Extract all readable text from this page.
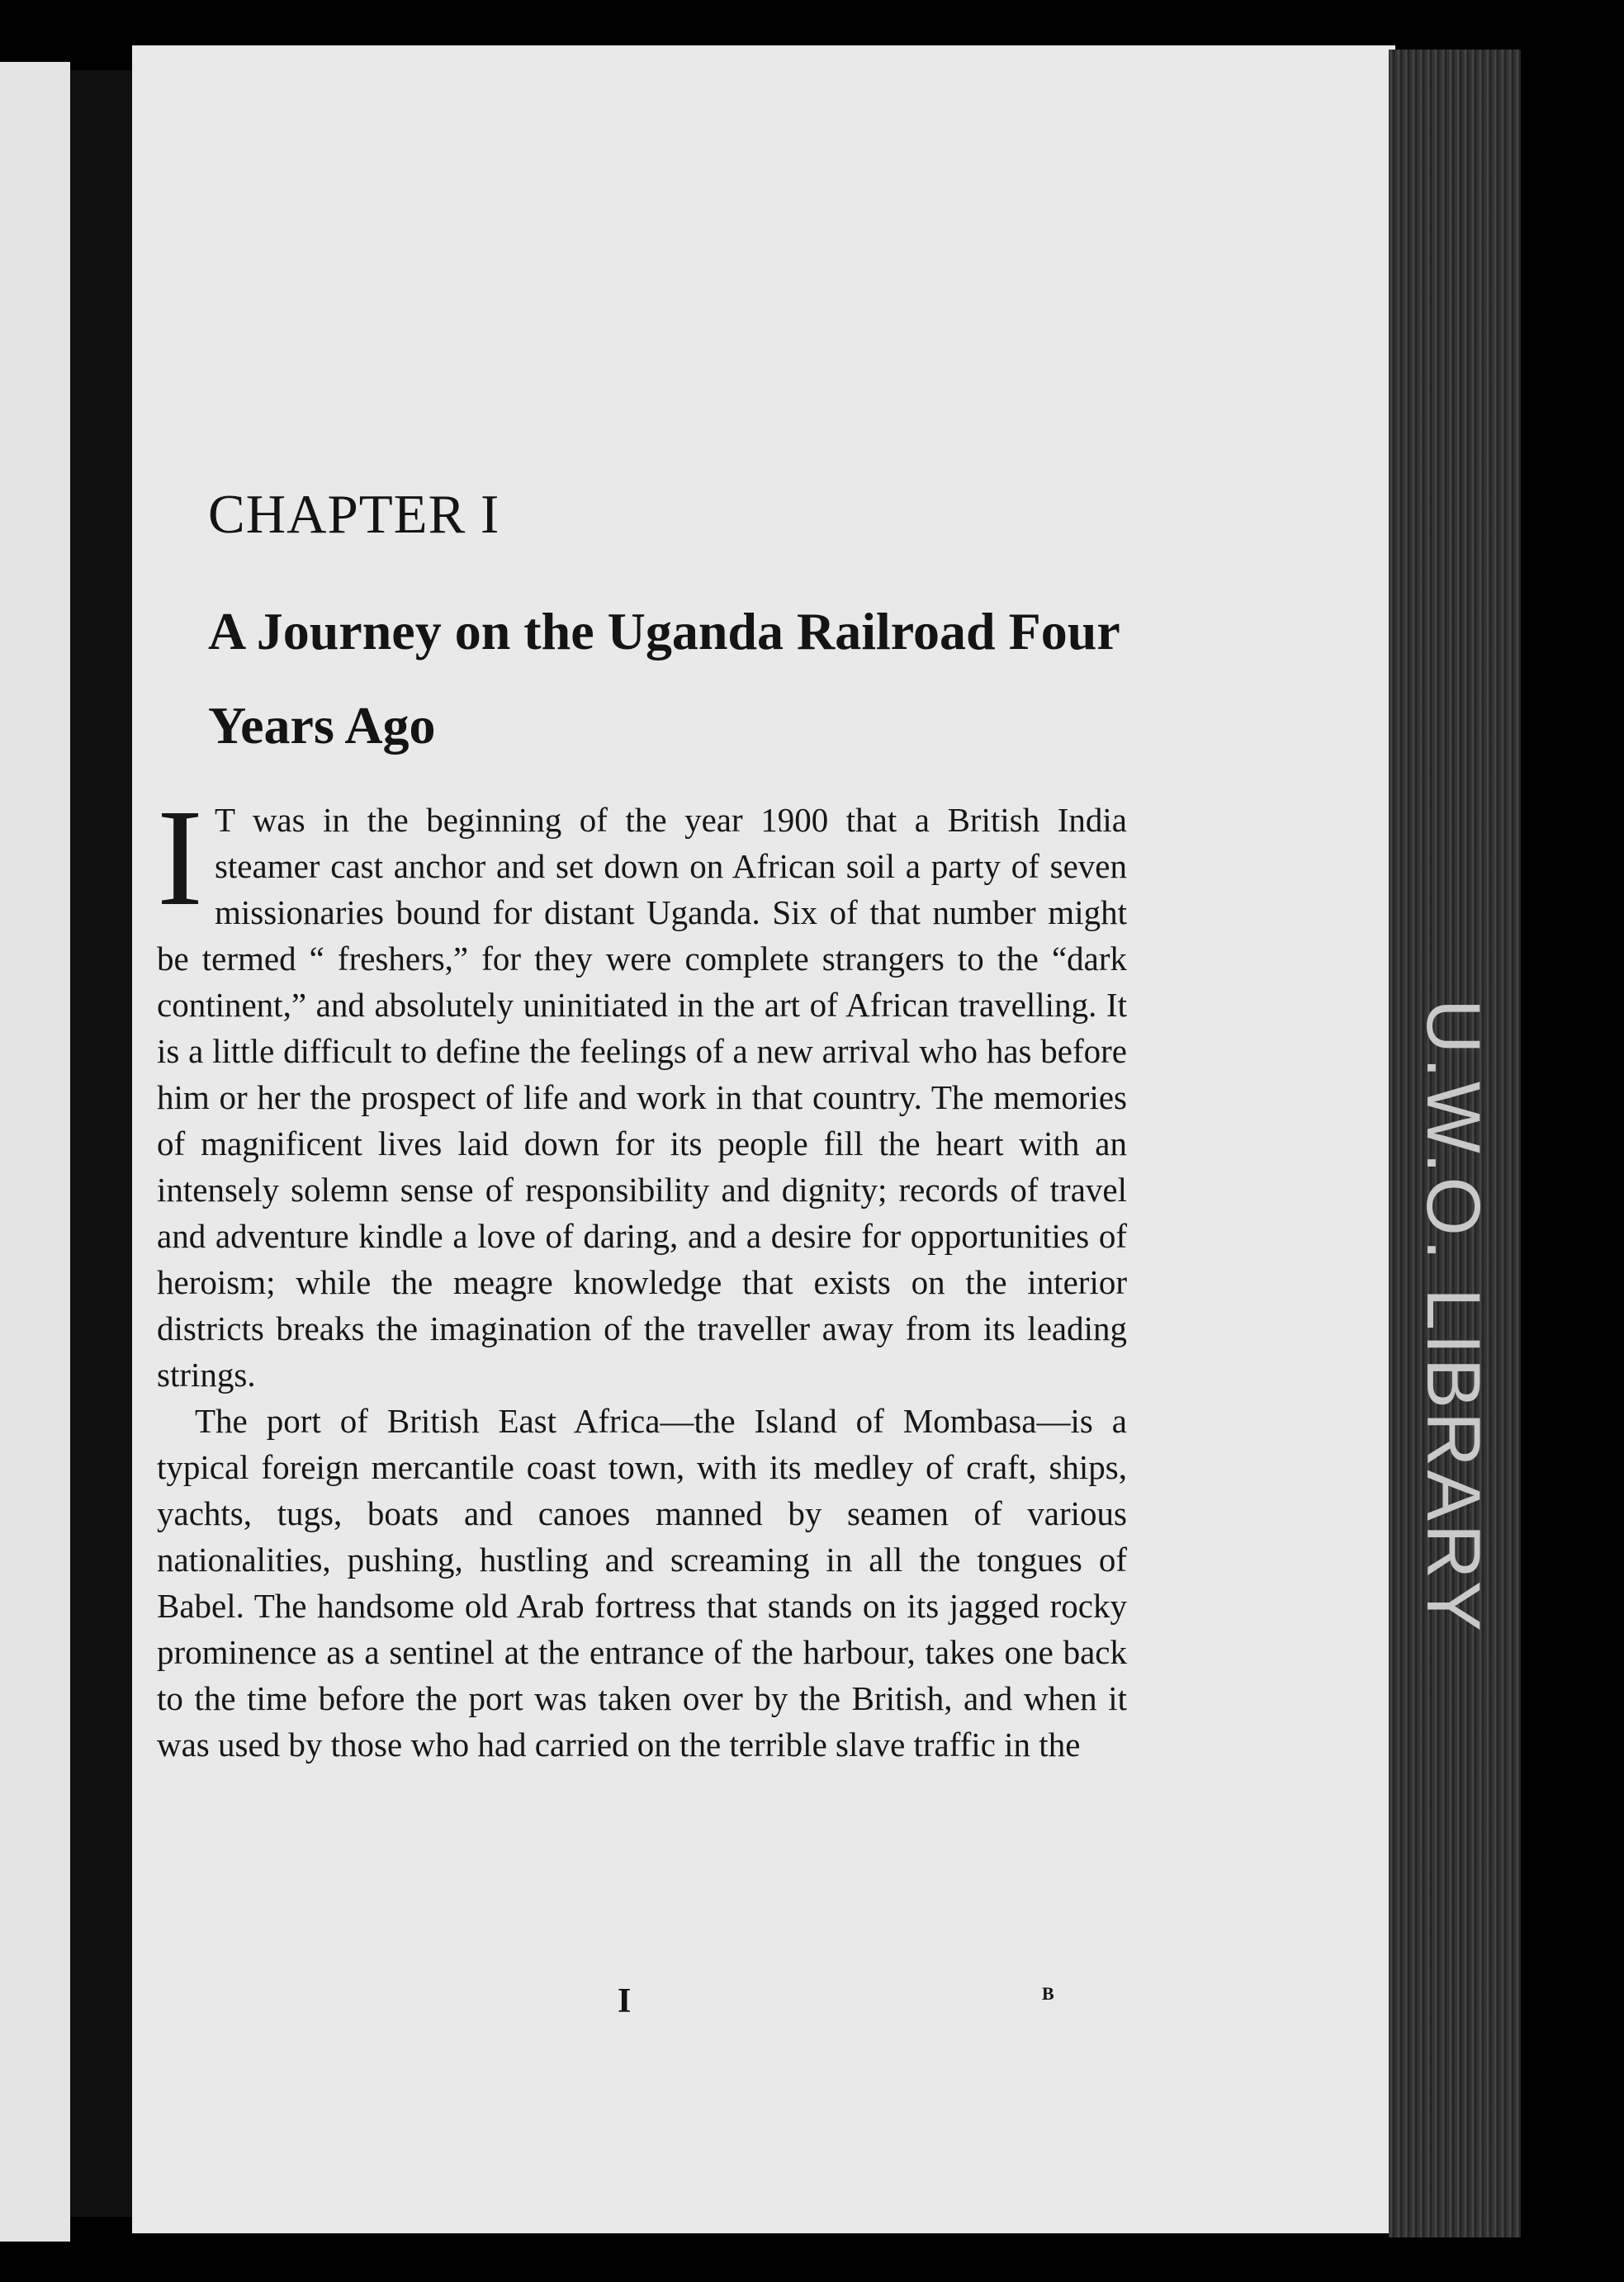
U.W.O. LIBRARY
CHAPTER I
A Journey on the Uganda Railroad Four Years Ago

I T was in the beginning of the year 1900 that a British India steamer cast anchor and set down on African soil a party of seven missionaries bound for distant Uganda. Six of that number might be termed “ freshers,” for they were complete strangers to the “dark continent,” and absolutely uninitiated in the art of African travelling. It is a little difficult to define the feelings of a new arrival who has before him or her the prospect of life and work in that country. The memories of magnificent lives laid down for its people fill the heart with an intensely solemn sense of responsibility and dignity; records of travel and adventure kindle a love of daring, and a desire for opportunities of heroism; while the meagre knowledge that exists on the interior districts breaks the imagination of the traveller away from its leading strings.

The port of British East Africa—the Island of Mombasa—is a typical foreign mercantile coast town, with its medley of craft, ships, yachts, tugs, boats and canoes manned by seamen of various nationalities, pushing, hustling and screaming in all the tongues of Babel. The handsome old Arab fortress that stands on its jagged rocky prominence as a sentinel at the entrance of the harbour, takes one back to the time before the port was taken over by the British, and when it was used by those who had carried on the terrible slave traffic in the

I	B
